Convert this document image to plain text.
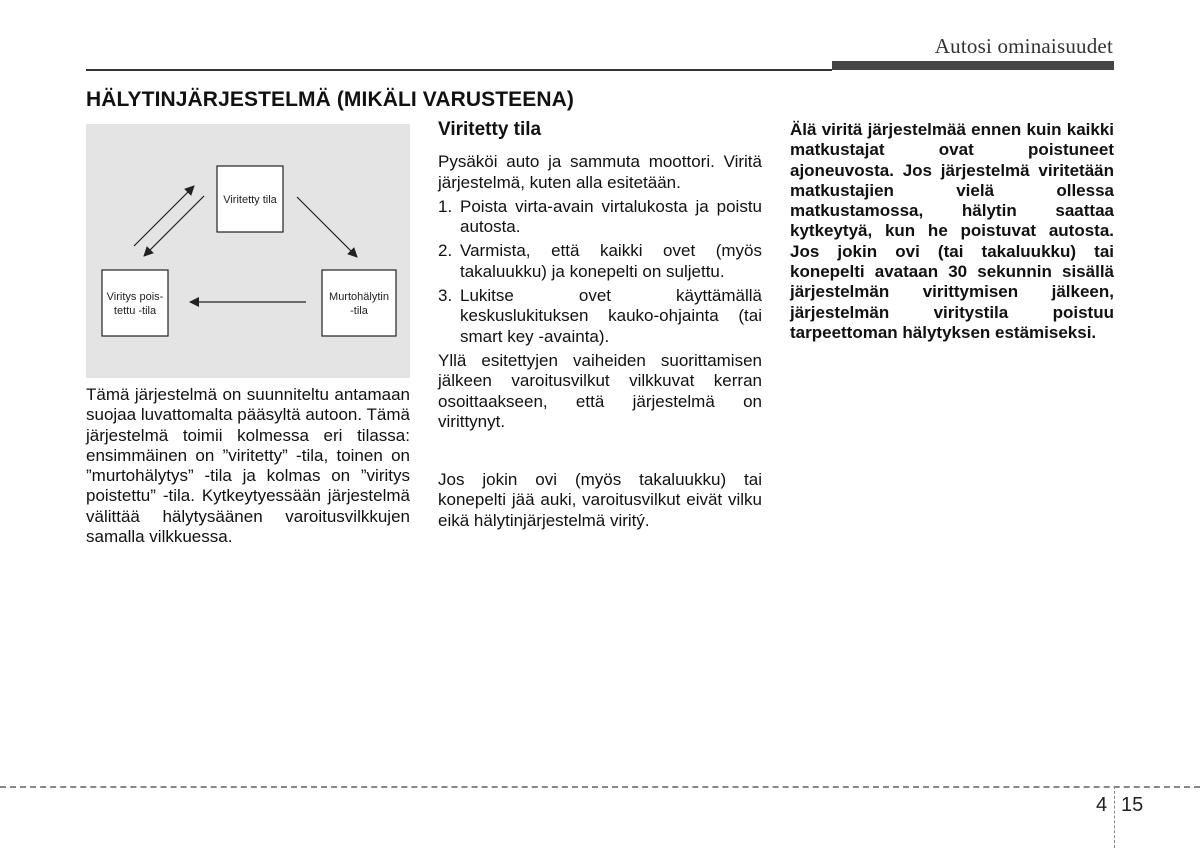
Autosi ominaisuudet
HÄLYTINJÄRJESTELMÄ (MIKÄLI VARUSTEENA)
Viritetty tila
Murtohälytin
-tila
Viritys pois-
tettu -tila
Tämä järjestelmä on suunniteltu antamaan suojaa luvattomalta pääsyltä autoon. Tämä järjestelmä toimii kolmessa eri tilassa: ensimmäinen on ”viritetty” -tila, toinen on ”murtohälytys” -tila ja kolmas on ”viritys poistettu” -tila. Kytkeytyessään järjestelmä välittää hälytysäänen varoitusvilkkujen samalla vilkkuessa.
Viritetty tila

Pysäköi auto ja sammuta moottori. Viritä järjestelmä, kuten alla esitetään.

1. Poista virta-avain virtalukosta ja poistu autosta.
2. Varmista, että kaikki ovet (myös takaluukku) ja konepelti on suljettu.
3. Lukitse ovet käyttämällä keskuslukituksen kauko-ohjainta (tai smart key -avainta).

Yllä esitettyjen vaiheiden suorittamisen jälkeen varoitusvilkut vilkkuvat kerran osoittaakseen, että järjestelmä on virittynyt.

Jos jokin ovi (myös takaluukku) tai konepelti jää auki, varoitusvilkut eivät vilku eikä hälytinjärjestelmä viritý.

Älä viritä järjestelmää ennen kuin kaikki matkustajat ovat poistuneet ajoneuvosta. Jos järjestelmä viritetään matkustajien vielä ollessa matkustamossa, hälytin saattaa kytkeytyä, kun he poistuvat autosta. Jos jokin ovi (tai takaluukku) tai konepelti avataan 30 sekunnin sisällä järjestelmän virittymisen jälkeen, järjestelmän viritystila poistuu tarpeettoman hälytyksen estämiseksi.
4 15
